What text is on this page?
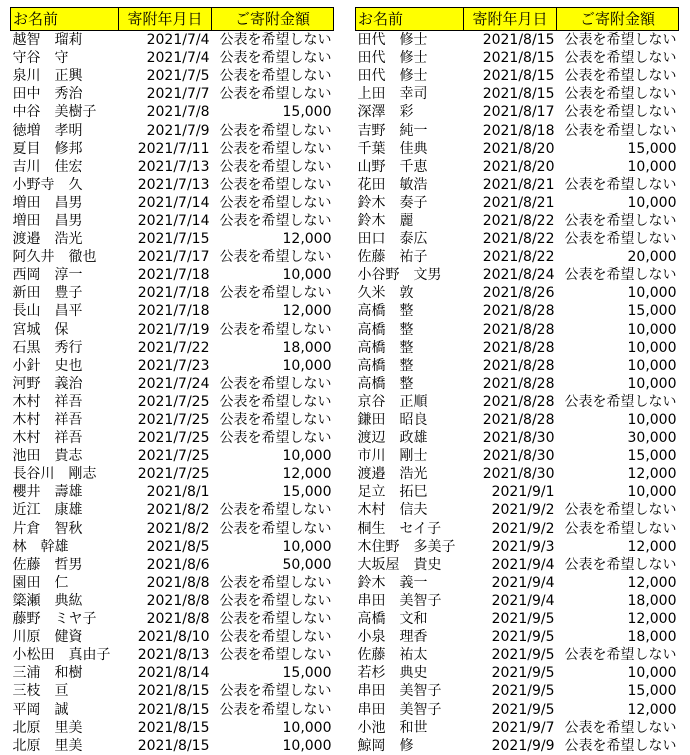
お名前	寄附年月日	ご寄附金額
越智　瑠莉	2021/7/4	公表を希望しない
守谷　守	2021/7/4	公表を希望しない
泉川　正興	2021/7/5	公表を希望しない
田中　秀治	2021/7/7	公表を希望しない
中谷　美樹子	2021/7/8	15,000
徳増　孝明	2021/7/9	公表を希望しない
夏目　修邦	2021/7/11	公表を希望しない
吉川　佳宏	2021/7/13	公表を希望しない
小野寺　久	2021/7/13	公表を希望しない
増田　昌男	2021/7/14	公表を希望しない
増田　昌男	2021/7/14	公表を希望しない
渡邉　浩光	2021/7/15	12,000
阿久井　徹也	2021/7/17	公表を希望しない
西岡　淳一	2021/7/18	10,000
新田　豊子	2021/7/18	公表を希望しない
長山　昌平	2021/7/18	12,000
宮城　保	2021/7/19	公表を希望しない
石黒　秀行	2021/7/22	18,000
小針　史也	2021/7/23	10,000
河野　義治	2021/7/24	公表を希望しない
木村　祥吾	2021/7/25	公表を希望しない
木村　祥吾	2021/7/25	公表を希望しない
木村　祥吾	2021/7/25	公表を希望しない
池田　貴志	2021/7/25	10,000
長谷川　剛志	2021/7/25	12,000
櫻井　壽雄	2021/8/1	15,000
近江　康雄	2021/8/2	公表を希望しない
片倉　智秋	2021/8/2	公表を希望しない
林　幹雄	2021/8/5	10,000
佐藤　哲男	2021/8/6	50,000
園田　仁	2021/8/8	公表を希望しない
簗瀬　典紘	2021/8/8	公表を希望しない
藤野　ミヤ子	2021/8/8	公表を希望しない
川原　健資	2021/8/10	公表を希望しない
小松田　真由子	2021/8/13	公表を希望しない
三浦　和樹	2021/8/14	15,000
三枝　亘	2021/8/15	公表を希望しない
平岡　誠	2021/8/15	公表を希望しない
北原　里美	2021/8/15	10,000
北原　里美	2021/8/15	10,000
お名前	寄附年月日	ご寄附金額
田代　修士	2021/8/15	公表を希望しない
田代　修士	2021/8/15	公表を希望しない
田代　修士	2021/8/15	公表を希望しない
上田　幸司	2021/8/15	公表を希望しない
深澤　彩	2021/8/17	公表を希望しない
吉野　純一	2021/8/18	公表を希望しない
千葉　佳典	2021/8/20	15,000
山野　千恵	2021/8/20	10,000
花田　敏浩	2021/8/21	公表を希望しない
鈴木　奏子	2021/8/21	10,000
鈴木　麗	2021/8/22	公表を希望しない
田口　泰広	2021/8/22	公表を希望しない
佐藤　祐子	2021/8/22	20,000
小谷野　文男	2021/8/24	公表を希望しない
久米　敦	2021/8/26	10,000
高橋　整	2021/8/28	15,000
高橋　整	2021/8/28	10,000
高橋　整	2021/8/28	10,000
高橋　整	2021/8/28	10,000
高橋　整	2021/8/28	10,000
京谷　正順	2021/8/28	公表を希望しない
鎌田　昭良	2021/8/28	10,000
渡辺　政雄	2021/8/30	30,000
市川　剛士	2021/8/30	15,000
渡邉　浩光	2021/8/30	12,000
足立　拓巳	2021/9/1	10,000
木村　信夫	2021/9/2	公表を希望しない
桐生　セイ子	2021/9/2	公表を希望しない
木住野　多美子	2021/9/3	12,000
大坂屋　貴史	2021/9/4	公表を希望しない
鈴木　義一	2021/9/4	12,000
串田　美智子	2021/9/4	18,000
高橋　文和	2021/9/5	12,000
小泉　理香	2021/9/5	18,000
佐藤　祐太	2021/9/5	公表を希望しない
若杉　典史	2021/9/5	10,000
串田　美智子	2021/9/5	15,000
串田　美智子	2021/9/5	12,000
小池　和世	2021/9/7	公表を希望しない
鯨岡　修	2021/9/9	公表を希望しない
